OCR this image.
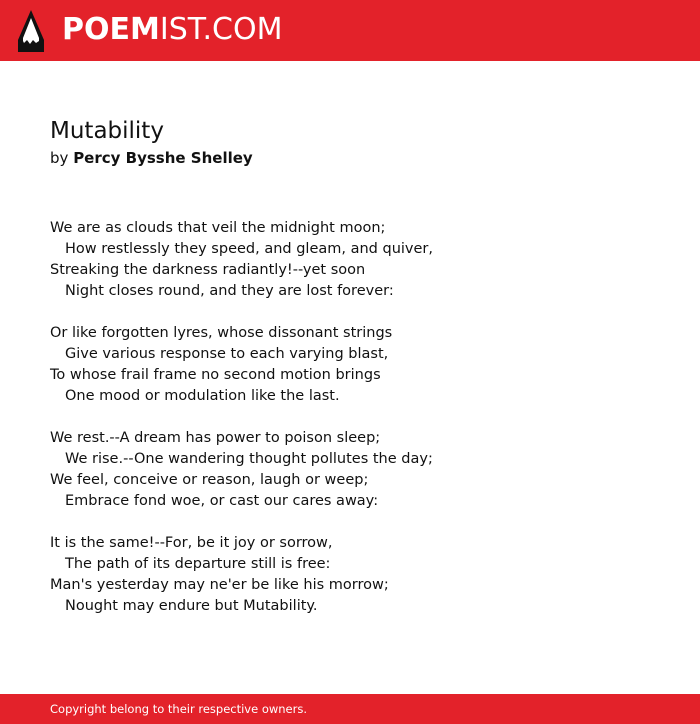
POEMIST.COM
Mutability
by Percy Bysshe Shelley
We are as clouds that veil the midnight moon;
How restlessly they speed, and gleam, and quiver,
Streaking the darkness radiantly!--yet soon
Night closes round, and they are lost forever:
Or like forgotten lyres, whose dissonant strings
Give various response to each varying blast,
To whose frail frame no second motion brings
One mood or modulation like the last.
We rest.--A dream has power to poison sleep;
We rise.--One wandering thought pollutes the day;
We feel, conceive or reason, laugh or weep;
Embrace fond woe, or cast our cares away:
It is the same!--For, be it joy or sorrow,
The path of its departure still is free:
Man's yesterday may ne'er be like his morrow;
Nought may endure but Mutability.
Copyright belong to their respective owners.
